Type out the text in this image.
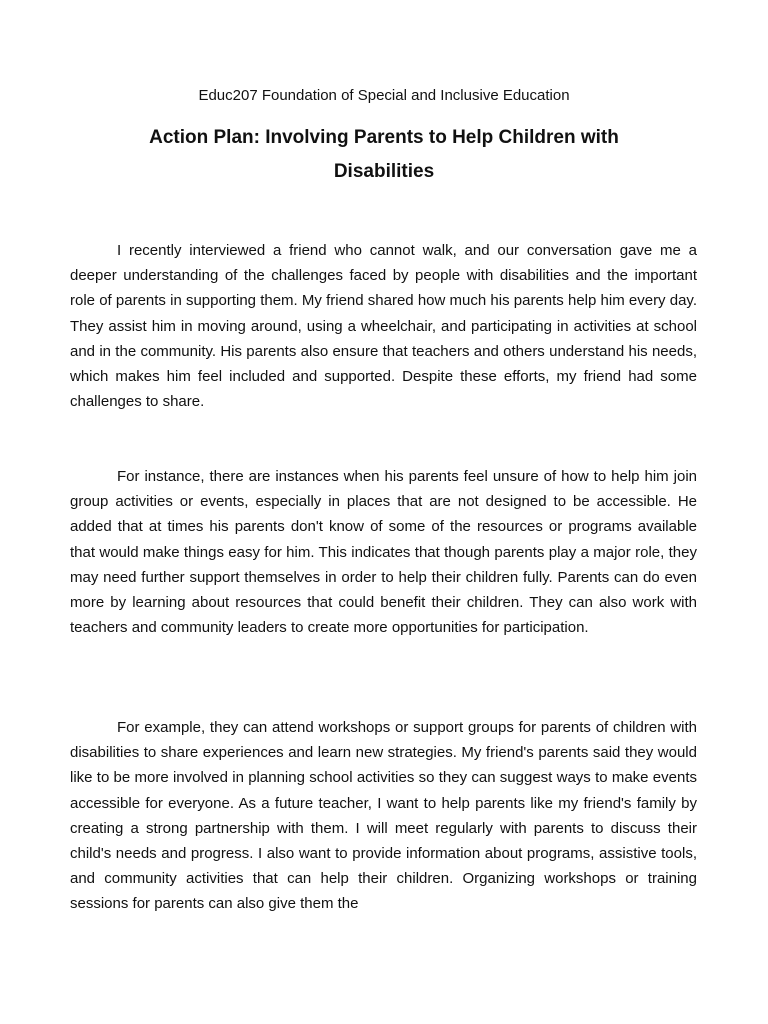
Educ207 Foundation of Special and Inclusive Education
Action Plan: Involving Parents to Help Children with Disabilities

I recently interviewed a friend who cannot walk, and our conversation gave me a deeper understanding of the challenges faced by people with disabilities and the important role of parents in supporting them. My friend shared how much his parents help him every day. They assist him in moving around, using a wheelchair, and participating in activities at school and in the community. His parents also ensure that teachers and others understand his needs, which makes him feel included and supported. Despite these efforts, my friend had some challenges to share.

For instance, there are instances when his parents feel unsure of how to help him join group activities or events, especially in places that are not designed to be accessible. He added that at times his parents don't know of some of the resources or programs available that would make things easy for him. This indicates that though parents play a major role, they may need further support themselves in order to help their children fully. Parents can do even more by learning about resources that could benefit their children. They can also work with teachers and community leaders to create more opportunities for participation.

For example, they can attend workshops or support groups for parents of children with disabilities to share experiences and learn new strategies. My friend's parents said they would like to be more involved in planning school activities so they can suggest ways to make events accessible for everyone. As a future teacher, I want to help parents like my friend's family by creating a strong partnership with them. I will meet regularly with parents to discuss their child's needs and progress. I also want to provide information about programs, assistive tools, and community activities that can help their children. Organizing workshops or training sessions for parents can also give them the
